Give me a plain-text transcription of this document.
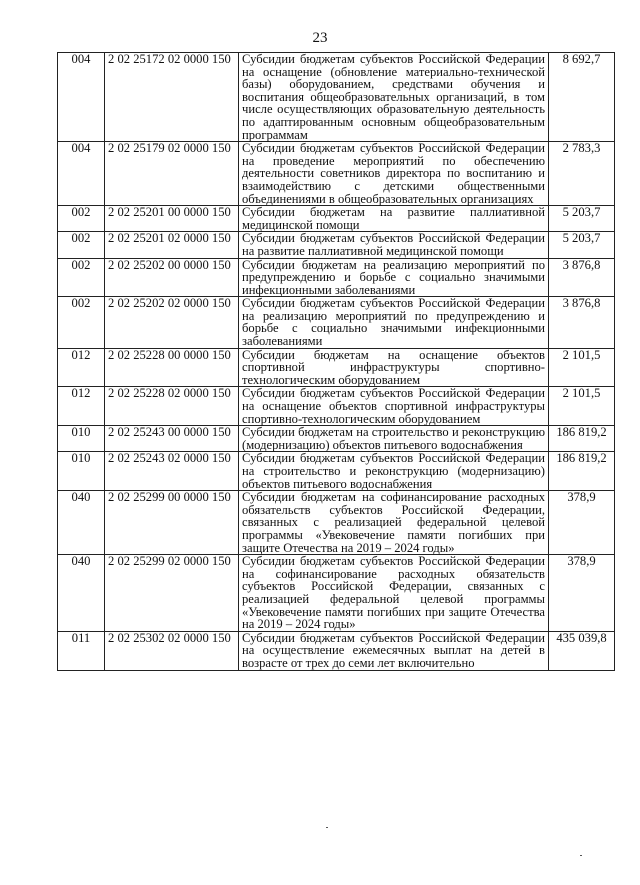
23
004	2 02 25172 02 0000 150	Субсидии бюджетам субъектов Российской Федерации на оснащение (обновление материально-технической базы) оборудованием, средствами обучения и воспитания общеобразовательных организаций, в том числе осуществляющих образовательную деятельность по адаптированным основным общеобразовательным программам	8 692,7
004	2 02 25179 02 0000 150	Субсидии бюджетам субъектов Российской Федерации на проведение мероприятий по обеспечению деятельности советников директора по воспитанию и взаимодействию с детскими общественными объединениями в общеобразовательных организациях	2 783,3
002	2 02 25201 00 0000 150	Субсидии бюджетам на развитие паллиативной медицинской помощи	5 203,7
002	2 02 25201 02 0000 150	Субсидии бюджетам субъектов Российской Федерации на развитие паллиативной медицинской помощи	5 203,7
002	2 02 25202 00 0000 150	Субсидии бюджетам на реализацию мероприятий по предупреждению и борьбе с социально значимыми инфекционными заболеваниями	3 876,8
002	2 02 25202 02 0000 150	Субсидии бюджетам субъектов Российской Федерации на реализацию мероприятий по предупреждению и борьбе с социально значимыми инфекционными заболеваниями	3 876,8
012	2 02 25228 00 0000 150	Субсидии бюджетам на оснащение объектов спортивной инфраструктуры спортивно-технологическим оборудованием	2 101,5
012	2 02 25228 02 0000 150	Субсидии бюджетам субъектов Российской Федерации на оснащение объектов спортивной инфраструктуры спортивно-технологическим оборудованием	2 101,5
010	2 02 25243 00 0000 150	Субсидии бюджетам на строительство и реконструкцию (модернизацию) объектов питьевого водоснабжения	186 819,2
010	2 02 25243 02 0000 150	Субсидии бюджетам субъектов Российской Федерации на строительство и реконструкцию (модернизацию) объектов питьевого водоснабжения	186 819,2
040	2 02 25299 00 0000 150	Субсидии бюджетам на софинансирование расходных обязательств субъектов Российской Федерации, связанных с реализацией федеральной целевой программы «Увековечение памяти погибших при защите Отечества на 2019 – 2024 годы»	378,9
040	2 02 25299 02 0000 150	Субсидии бюджетам субъектов Российской Федерации на софинансирование расходных обязательств субъектов Российской Федерации, связанных с реализацией федеральной целевой программы «Увековечение памяти погибших при защите Отечества на 2019 – 2024 годы»	378,9
011	2 02 25302 02 0000 150	Субсидии бюджетам субъектов Российской Федерации на осуществление ежемесячных выплат на детей в возрасте от трех до семи лет включительно	435 039,8
